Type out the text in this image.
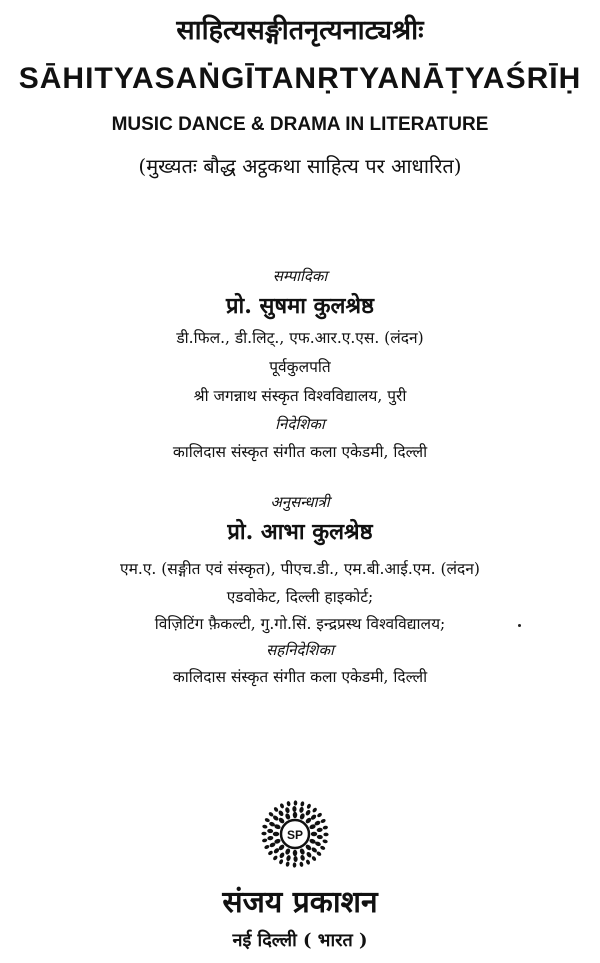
साहित्यसङ्गीतनृत्यनाट्यश्रीः
SĀHITYASAṄGĪTANṚTYANĀṬYAŚRĪḤ
MUSIC DANCE & DRAMA IN LITERATURE
(मुख्यतः बौद्ध अट्ठकथा साहित्य पर आधारित)
सम्पादिका
प्रो. सुषमा कुलश्रेष्ठ
डी.फिल., डी.लिट्., एफ.आर.ए.एस. (लंदन)
पूर्वकुलपति
श्री जगन्नाथ संस्कृत विश्वविद्यालय, पुरी
निदेशिका
कालिदास संस्कृत संगीत कला एकेडमी, दिल्ली
अनुसन्धात्री
प्रो. आभा कुलश्रेष्ठ
एम.ए. (सङ्गीत एवं संस्कृत), पीएच.डी., एम.बी.आई.एम. (लंदन)
एडवोकेट, दिल्ली हाइकोर्ट;
विज़िटिंग फ़ैकल्टी, गु.गो.सिं. इन्द्रप्रस्थ विश्वविद्यालय;
सहनिदेशिका
कालिदास संस्कृत संगीत कला एकेडमी, दिल्ली
SP
संजय प्रकाशन
नई दिल्ली ( भारत )
